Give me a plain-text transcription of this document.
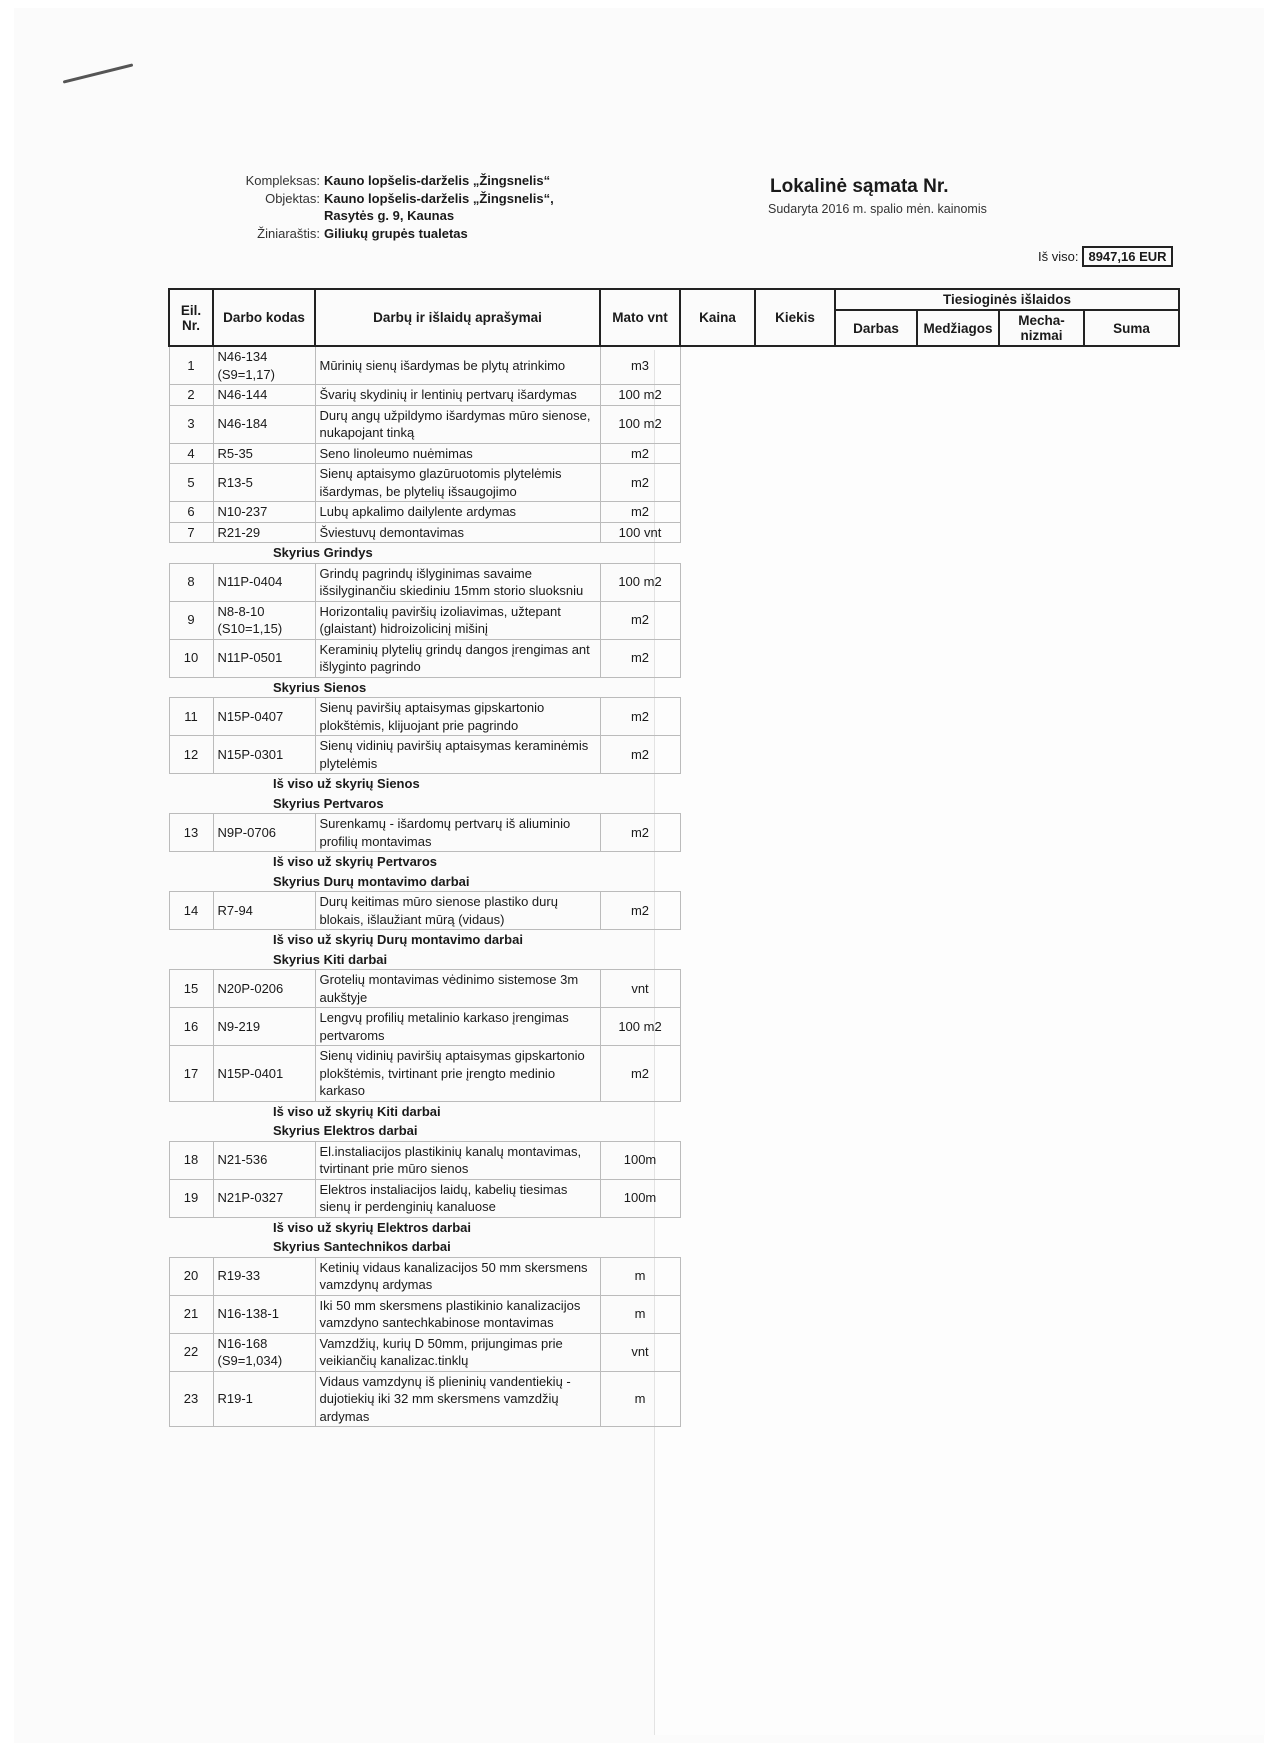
Kompleksas: Kauno lopšelis-darželis „Žingsnelis“
Objektas: Kauno lopšelis-darželis „Žingsnelis“,
Rasytės g. 9, Kaunas
Žiniaraštis: Giliukų grupės tualetas
Lokalinė sąmata Nr.
Sudaryta 2016 m. spalio mėn. kainomis
Iš viso: 8947,16 EUR
Eil. Nr.	Darbo kodas	Darbų ir išlaidų aprašymai	Mato vnt	Kaina	Kiekis	Tiesioginės išlaidos			
						Darbas	Medžiagos	Mecha-nizmai	Suma
1	N46-134 (S9=1,17)	Mūrinių sienų išardymas be plytų atrinkimo	m3						
2	N46-144	Švarių skydinių ir lentinių pertvarų išardymas	100 m2						
3	N46-184	Durų angų užpildymo išardymas mūro sienose, nukapojant tinką	100 m2						
4	R5-35	Seno linoleumo nuėmimas	m2						
5	R13-5	Sienų aptaisymo glazūruotomis plytelėmis išardymas, be plytelių išsaugojimo	m2						
6	N10-237	Lubų apkalimo dailylente ardymas	m2						
7	R21-29	Šviestuvų demontavimas	100 vnt						
Skyrius Grindys									
8	N11P-0404	Grindų pagrindų išlyginimas savaime išsilyginančiu skiediniu 15mm storio sluoksniu	100 m2						
9	N8-8-10 (S10=1,15)	Horizontalių paviršių izoliavimas, užtepant (glaistant) hidroizolicinį mišinį	m2						
10	N11P-0501	Keraminių plytelių grindų dangos įrengimas ant išlyginto pagrindo	m2						
Skyrius Sienos									
11	N15P-0407	Sienų paviršių aptaisymas gipskartonio plokštėmis, klijuojant prie pagrindo	m2						
12	N15P-0301	Sienų vidinių paviršių aptaisymas keraminėmis plytelėmis	m2						
Iš viso už skyrių Sienos									
Skyrius Pertvaros									
13	N9P-0706	Surenkamų - išardomų pertvarų iš aliuminio profilių montavimas	m2						
Iš viso už skyrių Pertvaros									
Skyrius Durų montavimo darbai									
14	R7-94	Durų keitimas mūro sienose plastiko durų blokais, išlaužiant mūrą (vidaus)	m2						
Iš viso už skyrių Durų montavimo darbai									
Skyrius Kiti darbai									
15	N20P-0206	Grotelių montavimas vėdinimo sistemose 3m aukštyje	vnt						
16	N9-219	Lengvų profilių metalinio karkaso įrengimas pertvaroms	100 m2						
17	N15P-0401	Sienų vidinių paviršių aptaisymas gipskartonio plokštėmis, tvirtinant prie įrengto medinio karkaso	m2						
Iš viso už skyrių Kiti darbai									
Skyrius Elektros darbai									
18	N21-536	El.instaliacijos plastikinių kanalų montavimas, tvirtinant prie mūro sienos	100m						
19	N21P-0327	Elektros instaliacijos laidų, kabelių tiesimas sienų ir perdenginių kanaluose	100m						
Iš viso už skyrių Elektros darbai									
Skyrius Santechnikos darbai									
20	R19-33	Ketinių vidaus kanalizacijos 50 mm skersmens vamzdynų ardymas	m						
21	N16-138-1	Iki 50 mm skersmens plastikinio kanalizacijos vamzdyno santechkabinose montavimas	m						
22	N16-168 (S9=1,034)	Vamzdžių, kurių D 50mm, prijungimas prie veikiančių kanalizac.tinklų	vnt						
23	R19-1	Vidaus vamzdynų iš plieninių vandentiekių - dujotiekių iki 32 mm skersmens vamzdžių ardymas	m						
